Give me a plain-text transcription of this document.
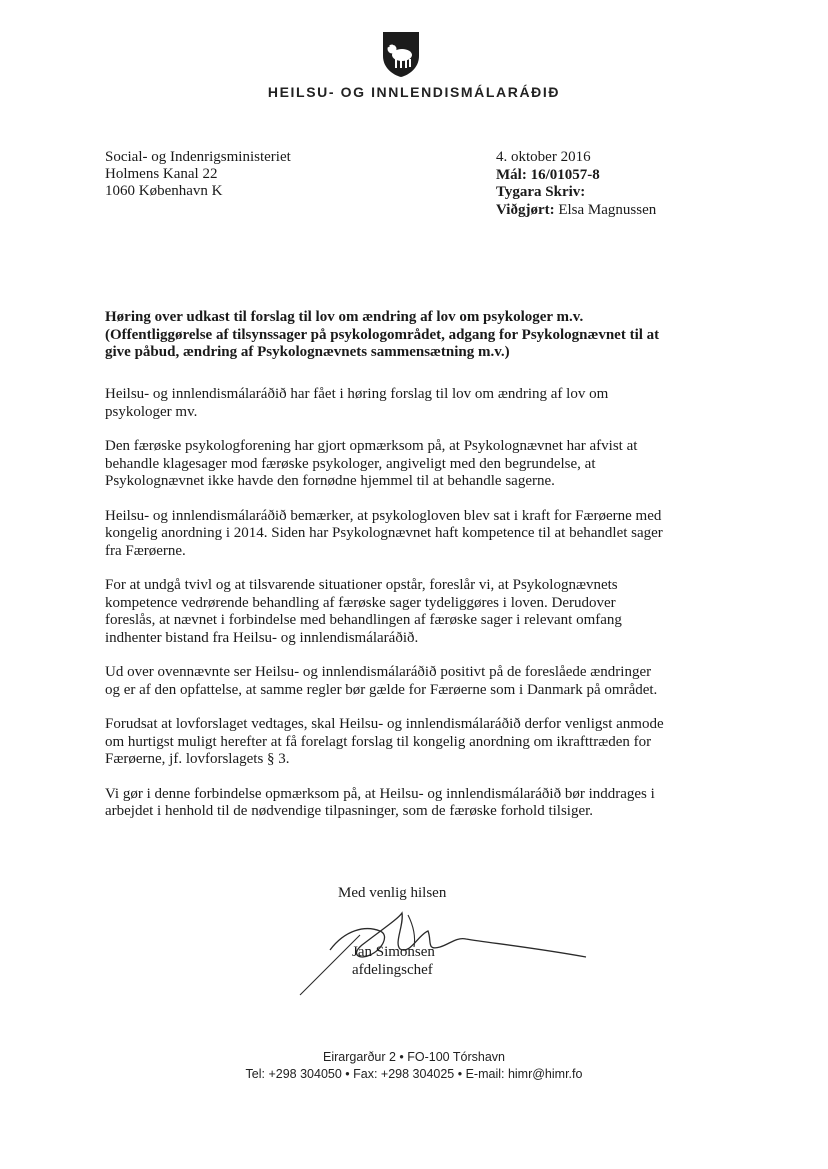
HEILSU- OG INNLENDISMÁLARÁÐIÐ
Social- og Indenrigsministeriet
Holmens Kanal 22
1060 København K
4. oktober 2016
Mál: 16/01057-8
Tygara Skriv:
Viðgjørt: Elsa Magnussen
Høring over udkast til forslag til lov om ændring af lov om psykologer m.v.
(Offentliggørelse af tilsynssager på psykologområdet, adgang for Psykolognævnet til at
give påbud, ændring af Psykolognævnets sammensætning m.v.)

Heilsu- og innlendismálaráðið har fået i høring forslag til lov om ændring af lov om
psykologer mv.

Den færøske psykologforening har gjort opmærksom på, at Psykolognævnet har afvist at
behandle klagesager mod færøske psykologer, angiveligt med den begrundelse, at
Psykolognævnet ikke havde den fornødne hjemmel til at behandle sagerne.

Heilsu- og innlendismálaráðið bemærker, at psykologloven blev sat i kraft for Færøerne med
kongelig anordning i 2014. Siden har Psykolognævnet haft kompetence til at behandlet sager
fra Færøerne.

For at undgå tvivl og at tilsvarende situationer opstår, foreslår vi, at Psykolognævnets
kompetence vedrørende behandling af færøske sager tydeliggøres i loven. Derudover
foreslås, at nævnet i forbindelse med behandlingen af færøske sager i relevant omfang
indhenter bistand fra Heilsu- og innlendismálaráðið.

Ud over ovennævnte ser Heilsu- og innlendismálaráðið positivt på de foreslåede ændringer
og er af den opfattelse, at samme regler bør gælde for Færøerne som i Danmark på området.

Forudsat at lovforslaget vedtages, skal Heilsu- og innlendismálaráðið derfor venligst anmode
om hurtigst muligt herefter at få forelagt forslag til kongelig anordning om ikrafttræden for
Færøerne, jf. lovforslagets § 3.

Vi gør i denne forbindelse opmærksom på, at Heilsu- og innlendismálaráðið bør inddrages i
arbejdet i henhold til de nødvendige tilpasninger, som de færøske forhold tilsiger.

Med venlig hilsen
Jan Simonsen
afdelingschef
Eirargarður 2 • FO-100 Tórshavn
Tel: +298 304050 • Fax: +298 304025 • E-mail: himr@himr.fo
